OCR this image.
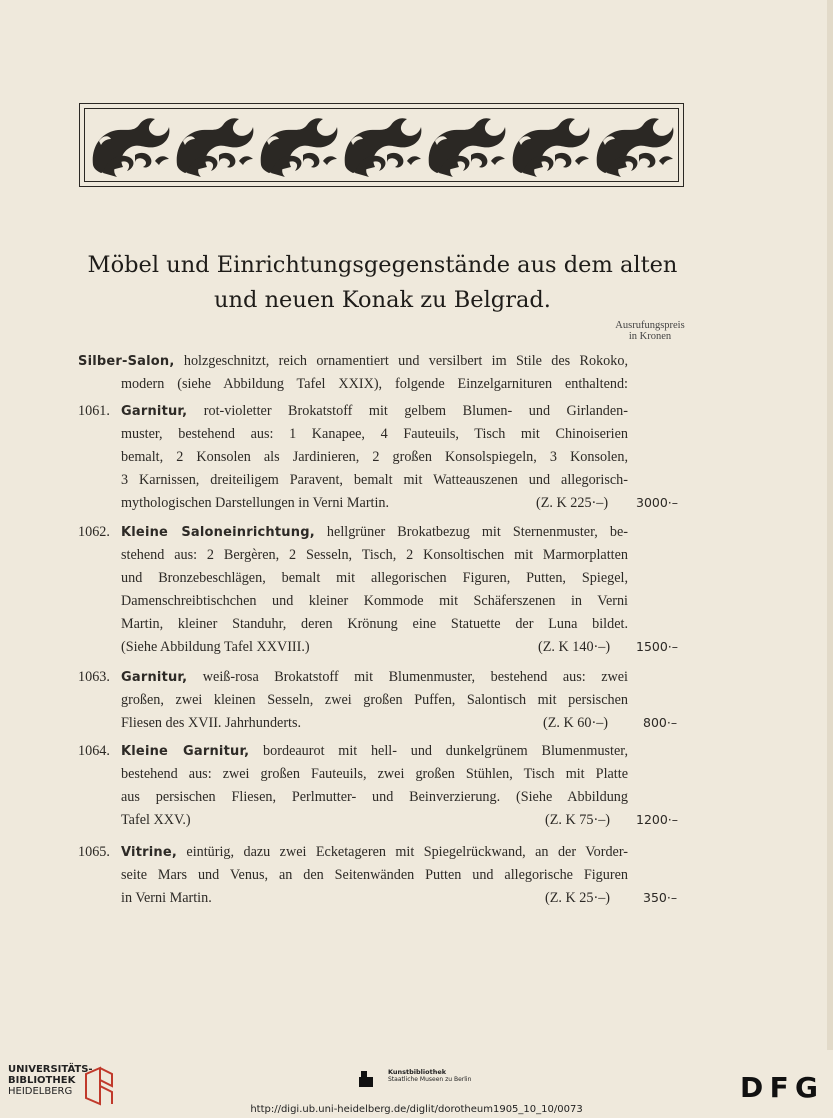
Möbel und Einrichtungsgegenstände aus dem alten
und neuen Konak zu Belgrad.
Ausrufungspreis
in Kronen
Silber-Salon, holzgeschnitzt, reich ornamentiert und versilbert im Stile des Rokoko,
modern (siehe Abbildung Tafel XXIX), folgende Einzelgarnituren enthaltend:
1061. Garnitur, rot-violetter Brokatstoff mit gelbem Blumen- und Girlanden-
muster, bestehend aus: 1 Kanapee, 4 Fauteuils, Tisch mit Chinoiserien
bemalt, 2 Konsolen als Jardinieren, 2 großen Konsolspiegeln, 3 Konsolen,
3 Karnissen, dreiteiligem Paravent, bemalt mit Watteauszenen und allegorisch-
mythologischen Darstellungen in Verni Martin.	(Z. K 225·–) 3000·–
1062. Kleine Saloneinrichtung, hellgrüner Brokatbezug mit Sternenmuster, be-
stehend aus: 2 Bergèren, 2 Sesseln, Tisch, 2 Konsoltischen mit Marmorplatten
und Bronzebeschlägen, bemalt mit allegorischen Figuren, Putten, Spiegel,
Damenschreibtischchen und kleiner Kommode mit Schäferszenen in Verni
Martin, kleiner Standuhr, deren Krönung eine Statuette der Luna bildet.
(Siehe Abbildung Tafel XXVIII.)	(Z. K 140·–) 1500·–
1063. Garnitur, weiß-rosa Brokatstoff mit Blumenmuster, bestehend aus: zwei
großen, zwei kleinen Sesseln, zwei großen Puffen, Salontisch mit persischen
Fliesen des XVII. Jahrhunderts.	(Z. K 60·–)	800·–
1064. Kleine Garnitur, bordeaurot mit hell- und dunkelgrünem Blumenmuster,
bestehend aus: zwei großen Fauteuils, zwei großen Stühlen, Tisch mit Platte
aus persischen Fliesen, Perlmutter- und Beinverzierung. (Siehe Abbildung
Tafel XXV.)	(Z. K 75·–) 1200·–
1065. Vitrine, eintürig, dazu zwei Ecketageren mit Spiegelrückwand, an der Vorder-
seite Mars und Venus, an den Seitenwänden Putten und allegorische Figuren
in Verni Martin.	(Z. K 25·–)	350·–
UNIVERSITÄTS-
BIBLIOTHEK
HEIDELBERG
Kunstbibliothek
Staatliche Museen zu Berlin	DFG
http://digi.ub.uni-heidelberg.de/diglit/dorotheum1905_10_10/0073
